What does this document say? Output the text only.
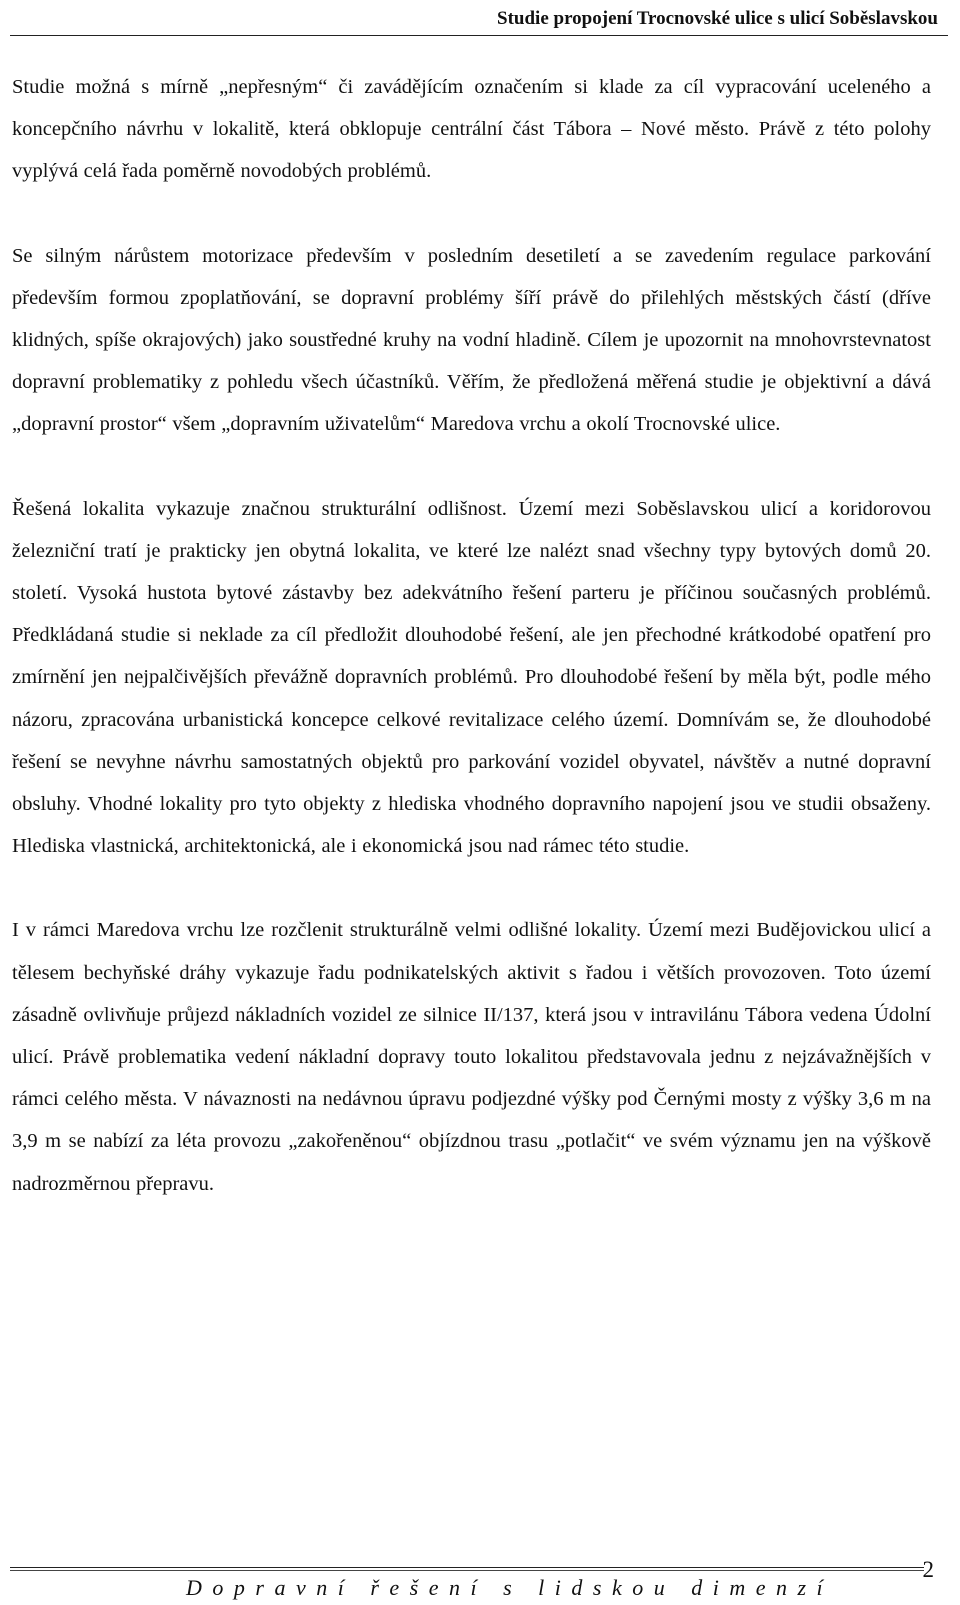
Studie propojení Trocnovské ulice s ulicí Soběslavskou

Studie možná s mírně „nepřesným“ či zavádějícím označením si klade za cíl vypracování uceleného a koncepčního návrhu v lokalitě, která obklopuje centrální část Tábora – Nové město. Právě z této polohy vyplývá celá řada poměrně novodobých problémů.

Se silným nárůstem motorizace především v posledním desetiletí a se zavedením regulace parkování především formou zpoplatňování, se dopravní problémy šíří právě do přilehlých městských částí (dříve klidných, spíše okrajových) jako soustředné kruhy na vodní hladině. Cílem je upozornit na mnohovrstevnatost dopravní problematiky z pohledu všech účastníků. Věřím, že předložená měřená studie je objektivní a dává „dopravní prostor“ všem „dopravním uživatelům“ Maredova vrchu a okolí Trocnovské ulice.

Řešená lokalita vykazuje značnou strukturální odlišnost. Území mezi Soběslavskou ulicí a koridorovou železniční tratí je prakticky jen obytná lokalita, ve které lze nalézt snad všechny typy bytových domů 20. století. Vysoká hustota bytové zástavby bez adekvátního řešení parteru je příčinou současných problémů. Předkládaná studie si neklade za cíl předložit dlouhodobé řešení, ale jen přechodné krátkodobé opatření pro zmírnění jen nejpalčivějších převážně dopravních problémů. Pro dlouhodobé řešení by měla být, podle mého názoru, zpracována urbanistická koncepce celkové revitalizace celého území. Domnívám se, že dlouhodobé řešení se nevyhne návrhu samostatných objektů pro parkování vozidel obyvatel, návštěv a nutné dopravní obsluhy. Vhodné lokality pro tyto objekty z hlediska vhodného dopravního napojení jsou ve studii obsaženy. Hlediska vlastnická, architektonická, ale i ekonomická jsou nad rámec této studie.

I v rámci Maredova vrchu lze rozčlenit strukturálně velmi odlišné lokality. Území mezi Budějovickou ulicí a tělesem bechyňské dráhy vykazuje řadu podnikatelských aktivit s řadou i větších provozoven. Toto území zásadně ovlivňuje průjezd nákladních vozidel ze silnice II/137, která jsou v intravilánu Tábora vedena Údolní ulicí. Právě problematika vedení nákladní dopravy touto lokalitou představovala jednu z nejzávažnějších v rámci celého města. V návaznosti na nedávnou úpravu podjezdné výšky pod Černými mosty z výšky 3,6 m na 3,9 m se nabízí za léta provozu „zakořeněnou“ objízdnou trasu „potlačit“ ve svém významu jen na výškově nadrozměrnou přepravu.

Dopravní řešení s lidskou dimenzí
2
